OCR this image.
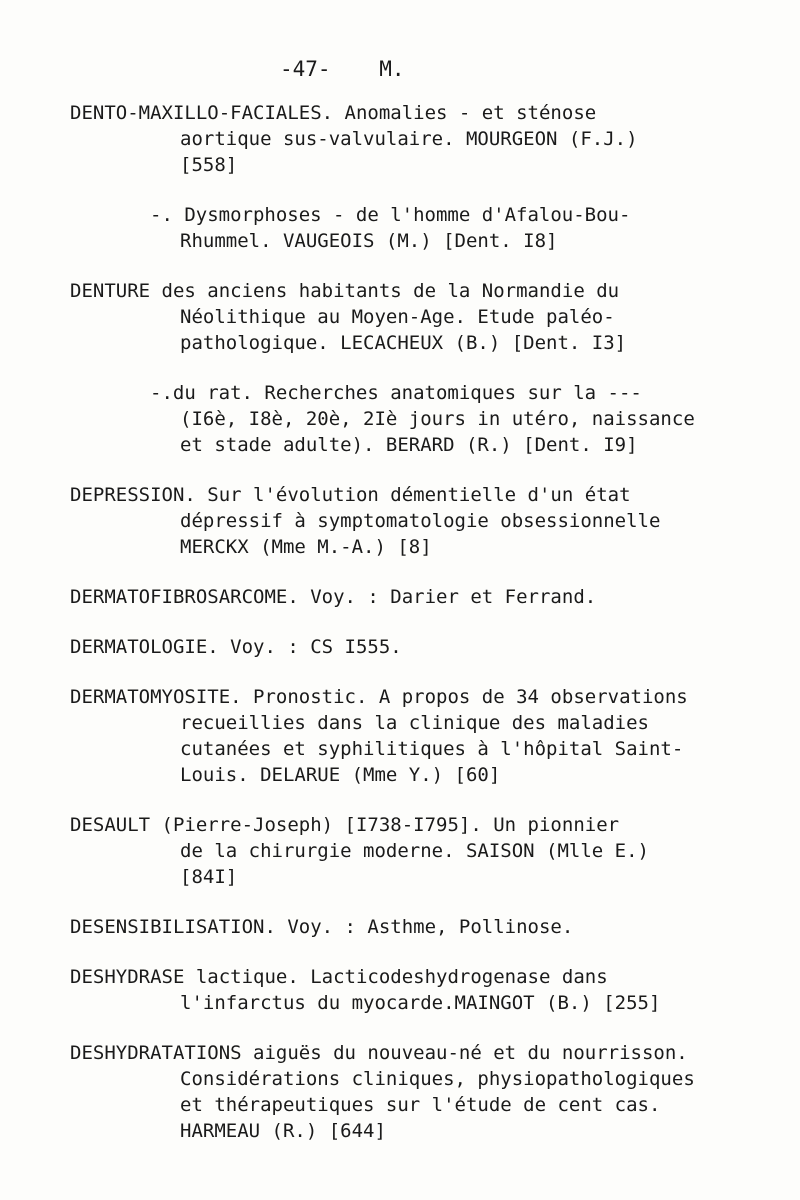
-47- M.
DENTO-MAXILLO-FACIALES. Anomalies - et sténose
aortique sus-valvulaire. MOURGEON (F.J.)
[558]
-. Dysmorphoses - de l'homme d'Afalou-Bou-
Rhummel. VAUGEOIS (M.) [Dent. I8]
DENTURE des anciens habitants de la Normandie du
Néolithique au Moyen-Age. Etude paléo-
pathologique. LECACHEUX (B.) [Dent. I3]
-.du rat. Recherches anatomiques sur la ---
(I6è, I8è, 20è, 2Iè jours in utéro, naissance
et stade adulte). BERARD (R.) [Dent. I9]
DEPRESSION. Sur l'évolution démentielle d'un état
dépressif à symptomatologie obsessionnelle
MERCKX (Mme M.-A.) [8]
DERMATOFIBROSARCOME. Voy. : Darier et Ferrand.
DERMATOLOGIE. Voy. : CS I555.
DERMATOMYOSITE. Pronostic. A propos de 34 observations
recueillies dans la clinique des maladies
cutanées et syphilitiques à l'hôpital Saint-
Louis. DELARUE (Mme Y.) [60]
DESAULT (Pierre-Joseph) [I738-I795]. Un pionnier
de la chirurgie moderne. SAISON (Mlle E.)
[84I]
DESENSIBILISATION. Voy. : Asthme, Pollinose.
DESHYDRASE lactique. Lacticodeshydrogenase dans
l'infarctus du myocarde.MAINGOT (B.) [255]
DESHYDRATATIONS aiguës du nouveau-né et du nourrisson.
Considérations cliniques, physiopathologiques
et thérapeutiques sur l'étude de cent cas.
HARMEAU (R.) [644]
